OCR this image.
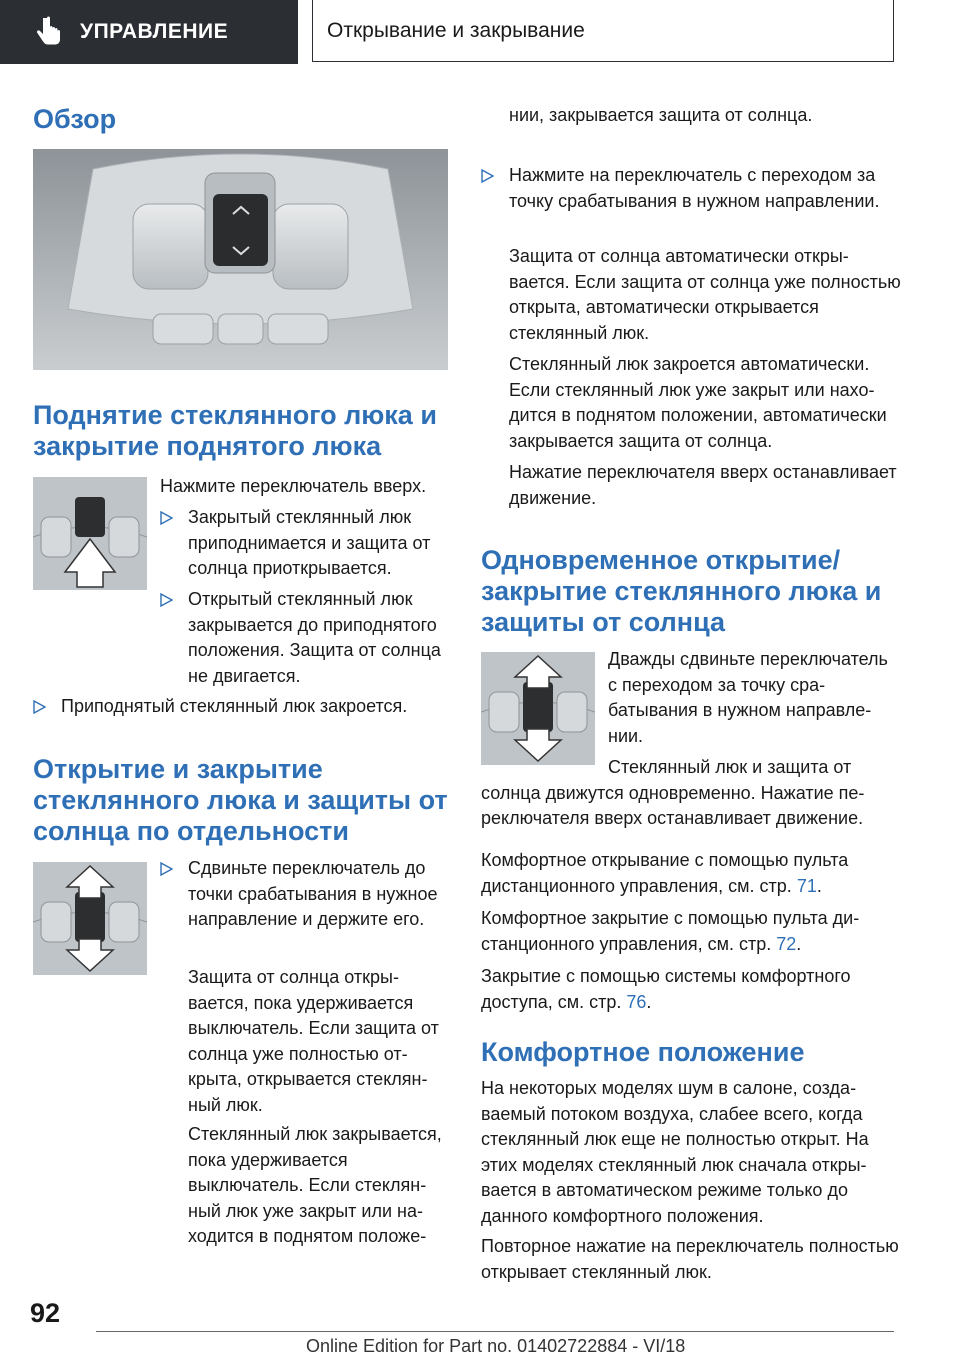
УПРАВЛЕНИЕ	Открывание и закрывание
Обзор
Поднятие стеклянного люка и закрытие поднятого люка

Нажмите переключатель вверх.

Закрытый стеклянный люк приподнимается и защита от солнца приоткрывается.
Открытый стеклянный люк закрывается до приподнятого положения. Защита от солнца не двигается.
Приподнятый стеклянный люк закроется.
Открытие и закрытие стеклянного люка и защиты от солнца по отдельности
Сдвиньте переключатель до точки срабатывания в нужное направление и держите его.

Защита от солнца открывается, пока удерживается выключатель. Если защита от солнца уже полностью открыта, открывается стеклянный люк.

Стеклянный люк закрывается, пока удерживается выключатель. Если стеклянный люк уже закрыт или находится в поднятом положе-

нии, закрывается защита от солнца.

Нажмите на переключатель с переходом за точку срабатывания в нужном направлении.

Защита от солнца автоматически открывается. Если защита от солнца уже полностью открыта, автоматически открывается стеклянный люк.

Стеклянный люк закроется автоматически. Если стеклянный люк уже закрыт или находится в поднятом положении, автоматически закрывается защита от солнца.

Нажатие переключателя вверх останавливает движение.

Одновременное открытие/ закрытие стеклянного люка и защиты от солнца

Дважды сдвиньте переключатель с переходом за точку срабатывания в нужном направлении.

Стеклянный люк и защита от

солнца движутся одновременно. Нажатие переключателя вверх останавливает движение.

Комфортное открывание с помощью пульта дистанционного управления, см. стр. 71.

Комфортное закрытие с помощью пульта дистанционного управления, см. стр. 72.

Закрытие с помощью системы комфортного доступа, см. стр. 76.

Комфортное положение

На некоторых моделях шум в салоне, создаваемый потоком воздуха, слабее всего, когда стеклянный люк еще не полностью открыт. На этих моделях стеклянный люк сначала открывается в автоматическом режиме только до данного комфортного положения.

Повторное нажатие на переключатель полностью открывает стеклянный люк.

92
Online Edition for Part no. 01402722884 - VI/18
